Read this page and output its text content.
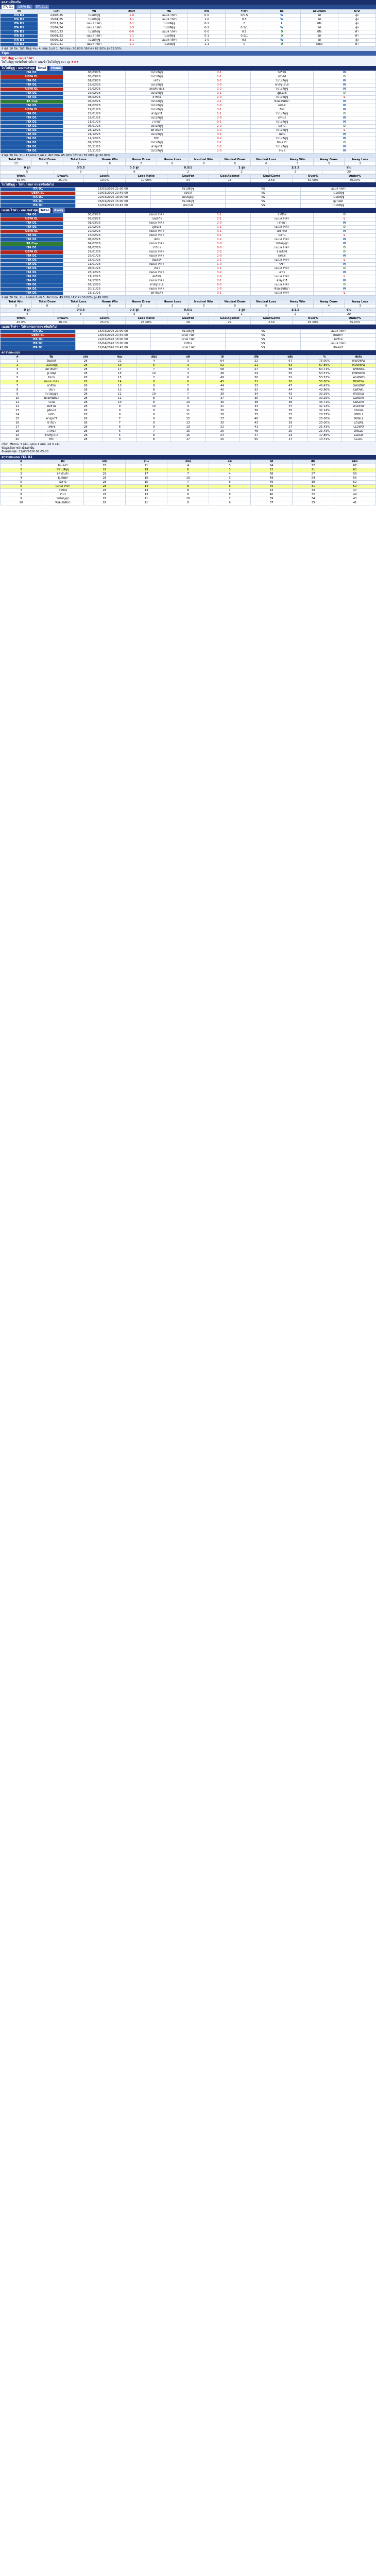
ผลงานที่พบกัน
ITA D1 UEFA EL ITA Cup
ลีก	เวลา	ทีม	สกอร์	ทีม	ครึ่ง	ราคา	ผล	แฮนดิแคป	O/U
ITA D1	24/08/25	ไนโปลีดูซู	1-0	เนเบล ไรค่า	0-0	0/0.5	W	ได้	สูง
ITA D1	15/01/25	ไนโปลีดูซู	2-1	เนเบล ไรค่า	1-0	0.5	W	ได้	สูง
ITA D1	07/11/24	เนเบล ไรค่า	2-1	ไนโปลีดูซู	0-1	0	L	เสีย	สูง
ITA D1	22/04/24	เนเบล ไรค่า	1-3	ไนโปลีดูซู	0-1	0.5/1	W	ได้	สูง
ITA D1	06/10/23	ไนโปลีดูซู	0-0	เนเบล ไรค่า	0-0	0.5	D	เสีย	ต่ำ
ITA D1	06/01/23	เนเบล ไรค่า	1-1	ไนโปลีดูซู	0-1	0.5/1	D	ได้	ต่ำ
ITA D1	06/05/22	ไนโปลีดูซู	3-1	เนเบล ไรค่า	1-0	0.5	W	ได้	สูง
ITA D1	31/10/21	เนเบล ไรค่า	1-1	ไนโปลีดูซู	1-1	0	D	เสมอ	ต่ำ
ล่าสุด 10 นัด, ไนโปลีดูซู ชนะ 4,เสมอ 3,แพ้ 1, อัตราชนะ 50.00% ได้ราคา 62.50% สูง 62.50%
Tips
ไนโปลีดูซู vs เนเบล ไรค่า
ไนโปลีดูซู ฟอร์มในบ้านดีกว่า แนะนำ ไนโปลีดูซู ต่อ / สูง ★★★
ไนโปลีดูซู - ผลงานล่าสุด Total Home
ITA D1	08/03/26	ไนโปลีดูซู	2-1	โตริโน่	W
UEFA EL	05/03/26	ไนโปลีดูซู	1-1	ปอร์โต้	D
ITA D1	01/03/26	เจนัว	0-2	ไนโปลีดูซู	W
ITA D1	23/02/26	ไนโปลีดูซู	3-0	ซาสซูโอโล่	W
UEFA EL	19/02/26	เฟเนร์บาห์เช่	1-2	ไนโปลีดูซู	W
ITA D1	15/02/26	ไนโปลีดูซู	1-1	อูดิเนเซ่	D
ITA D1	08/02/26	ลาซิโอ	2-0	ไนโปลีดูซู	L
ITA Cup	04/02/26	ไนโปลีดูซู	2-1	ฟิออเรนติน่า	W
ITA D1	01/02/26	ไนโปลีดูซู	1-0	เลชเช่	W
UEFA EL	29/01/26	ไนโปลีดูซู	3-1	ลียง	W
ITA D1	25/01/26	คาญ่อารี	1-1	ไนโปลีดูซู	D
ITA D1	18/01/26	ไนโปลีดูซู	2-0	ปาร์ม่า	W
ITA D1	11/01/26	เวโรน่า	0-1	ไนโปลีดูซู	W
ITA D1	06/01/26	ไนโปลีดูซู	2-2	มิลาน	D
ITA D1	28/12/25	อตาลันต้า	1-0	ไนโปลีดูซู	L
ITA D1	21/12/25	ไนโปลีดูซู	3-1	โคโม่	W
ITA D1	14/12/25	ปิซ่า	0-2	ไนโปลีดูซู	W
ITA D1	07/12/25	ไนโปลีดูซู	1-1	อินเตอร์	D
ITA D1	30/11/25	คาญ่อารี	1-2	ไนโปลีดูซู	W
ITA D1	23/11/25	ไนโปลีดูซู	2-0	โรม่า	W
ล่าสุด 20 นัด, ชนะ 13,เสมอ 5,แพ้ 2, อัตราชนะ 65.00% ได้ราคา 55.00% สูง 50.00%
Total Win	Total Draw	Total Loss	Home Win	Home Draw	Home Loss	Neutral Win	Neutral Draw	Neutral Loss	Away Win	Away Draw	Away Loss
13	5	2	8	2	0	0	0	0	5	3	2
0 ลูก	0/0.5	0.5 ลูก	0.5/1	1 ลูก	1/1.5	รวม
5	3	6	2	2	2	20
Win%	Draw%	Loss%	Lose Ratio	GoalFor	GoalAgainst	Goal/Game	Over%	Under%
65.0%	25.0%	10.0%	10.00%	34	16	2.50	50.00%	50.00%
ไนโปลีดูซู - โปรแกรมการแข่งขันถัดไป
ITA D1	15/03/2026 21:00:00	ไนโปลีดูซู	VS	เนเบล ไรค่า
UEFA EL	19/03/2026 20:45:00	ปอร์โต้	VS	ไนโปลีดูซู
ITA D1	22/03/2026 18:00:00	โบโลญญ่า	VS	ไนโปลีดูซู
ITA D1	05/04/2026 15:00:00	ไนโปลีดูซู	VS	ยูเวนตุส
ITA D1	12/04/2026 20:45:00	เอ็มโปลี	VS	ไนโปลีดูซู
เนเบล ไรค่า - ผลงานล่าสุด Total Away
ITA D1	08/03/26	เนเบล ไรค่า	1-1	ลาซิโอ	D
UEFA EL	05/03/26	เบนฟิก้า	2-1	เนเบล ไรค่า	L
ITA D1	01/03/26	เนเบล ไรค่า	2-0	เวโรน่า	W
ITA D1	22/02/26	อูดิเนเซ่	1-1	เนเบล ไรค่า	D
UEFA EL	19/02/26	เนเบล ไรค่า	3-1	เบซิคตัส	W
ITA D1	15/02/26	เนเบล ไรค่า	0-1	มิลาน	L
ITA D1	08/02/26	โคโม่	1-2	เนเบล ไรค่า	W
ITA Cup	04/02/26	เนเบล ไรค่า	1-0	โบโลญญ่า	W
ITA D1	01/02/26	ปาร์ม่า	0-0	เนเบล ไรค่า	D
UEFA EL	29/01/26	เนเบล ไรค่า	2-2	อาแจ็กซ์	D
ITA D1	25/01/26	เนเบล ไรค่า	2-0	เลชเช่	W
ITA D1	18/01/26	อินเตอร์	2-1	เนเบล ไรค่า	L
ITA D1	11/01/26	เนเบล ไรค่า	1-0	ปิซ่า	W
ITA D1	06/01/26	โรม่า	1-1	เนเบล ไรค่า	D
ITA D1	28/12/25	เนเบล ไรค่า	3-2	เจนัว	W
ITA D1	21/12/25	ตอริโน่	2-0	เนเบล ไรค่า	L
ITA D1	14/12/25	เนเบล ไรค่า	2-1	คาญ่อารี	W
ITA D1	07/12/25	ซาสซูโอโล่	0-0	เนเบล ไรค่า	D
ITA D1	30/11/25	เนเบล ไรค่า	2-0	ฟิออเรนติน่า	W
ITA D1	23/11/25	อตาลันต้า	3-1	เนเบล ไรค่า	L
ล่าสุด 20 นัด, ชนะ 9,เสมอ 6,แพ้ 5, อัตราชนะ 45.00% ได้ราคา 50.00% สูง 45.00%
Total Win	Total Draw	Total Loss	Home Win	Home Draw	Home Loss	Neutral Win	Neutral Draw	Neutral Loss	Away Win	Away Draw	Away Loss
9	6	5	6	2	2	0	0	0	3	4	3
0 ลูก	0/0.5	0.5 ลูก	0.5/1	1 ลูก	1/1.5	รวม
4	5	5	3	1	2	20
Win%	Draw%	Loss%	Lose Ratio	GoalFor	GoalAgainst	Goal/Game	Over%	Under%
45.0%	30.0%	25.0%	25.00%	28	22	2.50	45.00%	55.00%
เนเบล ไรค่า - โปรแกรมการแข่งขันถัดไป
ITA D1	15/03/2026 21:00:00	ไนโปลีดูซู	VS	เนเบล ไรค่า
UEFA EL	19/03/2026 20:45:00	เนเบล ไรค่า	VS	เบนฟิก้า
ITA D1	22/03/2026 18:00:00	เนเบล ไรค่า	VS	ตอริโน่
ITA D1	05/04/2026 15:00:00	ลาซิโอ	VS	เนเบล ไรค่า
ITA D1	12/04/2026 20:45:00	เนเบล ไรค่า	VS	อินเตอร์
ตารางคะแนน
#	ทีม	แข่ง	ชนะ	เสมอ	แพ้	ได้	เสีย	แต้ม	%	ฟอร์ม
1	อินเตอร์	28	21	4	3	64	22	67	75.00%	WWDWW
2	ไนโปลีดูซู	28	19	6	3	52	21	63	67.86%	WDWWW
3	อตาลันต้า	28	17	7	4	58	27	58	60.71%	WWWDL
4	ยูเวนตุส	28	15	10	3	48	24	55	53.57%	DWWDW
5	มิลาน	28	15	7	6	49	30	52	53.57%	WLWWD
6	เนเบล ไรค่า	28	14	8	6	45	31	50	50.00%	DLWDW
7	ลาซิโอ	28	13	8	7	44	33	47	46.43%	DWLWW
8	โรม่า	28	12	8	8	40	32	44	42.86%	LWDWL
9	โบโลญญ่า	28	11	10	7	39	34	43	39.29%	WDDLW
10	ฟิออเรนติน่า	28	11	8	9	37	35	41	39.29%	LLWDW
11	โคโม่	28	10	8	10	36	38	38	35.71%	LWLDW
12	ตอริโน่	28	9	10	9	31	33	37	32.14%	WLDDW
13	อูดิเนเซ่	28	9	8	11	30	36	35	32.14%	DDLWL
14	เจนัว	28	8	9	11	28	35	33	28.57%	LWDLL
15	คาญ่อารี	28	7	9	12	27	40	30	25.00%	DLWLL
16	ปาร์ม่า	28	7	8	13	30	43	29	25.00%	LDLWL
17	เลชเช่	28	6	9	13	22	41	27	21.43%	LLDWD
18	เวโรน่า	28	6	7	15	26	48	25	21.43%	LWLLD
19	ซาสซูโอโล่	28	5	8	15	24	47	23	17.86%	LLDLW
20	ปิซ่า	28	3	8	17	20	50	17	10.71%	LLLDL
กติกา: ทีมชนะ 3 แต้ม, เสมอ 1 แต้ม, แพ้ 0 แต้ม
ข้อมูลเพื่อการอ้างอิงเท่านั้น
อัพเดทล่าสุด: 11/03/2026 08:05:00
ตารางคะแนน ITA D1
#	ทีม	แข่ง	ชนะ	เสมอ	แพ้	ได้	เสีย	แต้ม
1	อินเตอร์	28	21	4	3	64	22	67
2	ไนโปลีดูซู	28	19	6	3	52	21	63
3	อตาลันต้า	28	17	7	4	58	27	58
4	ยูเวนตุส	28	15	10	3	48	24	55
5	มิลาน	28	15	7	6	49	30	52
6	เนเบล ไรค่า	28	14	8	6	45	31	50
7	ลาซิโอ	28	13	8	7	44	33	47
8	โรม่า	28	12	8	8	40	32	44
9	โบโลญญ่า	28	11	10	7	39	34	43
10	ฟิออเรนติน่า	28	11	8	9	37	35	41
